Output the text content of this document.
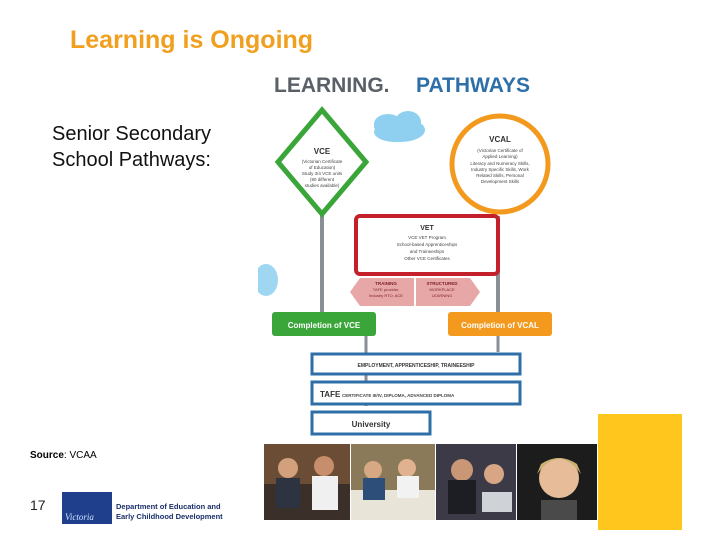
Learning is Ongoing
Senior Secondary
School Pathways:
LEARNING. PATHWAYS
VCE
(Victorian Certificate
of Education)
Study 3/4 VCE units
(90 different
studies available)
VCAL
(Victorian Certificate of
Applied Learning)
Literacy and Numeracy Skills,
Industry Specific Skills, Work
Related Skills, Personal
Development Skills
VET
VCE VET Program
School-based Apprenticeships
and Traineeships
Other VCE Certificates
TRAINING
TAFE provider,
Industry RTO, ACE
STRUCTURED
WORKPLACE
LEARNING
Completion of VCE	Completion of VCAL
EMPLOYMENT, APPRENTICESHIP, TRAINEESHIP
TAFE CERTIFICATE III/IV, DIPLOMA, ADVANCED DIPLOMA
University
Source: VCAA
17
Victoria
Department of Education and
Early Childhood Development
